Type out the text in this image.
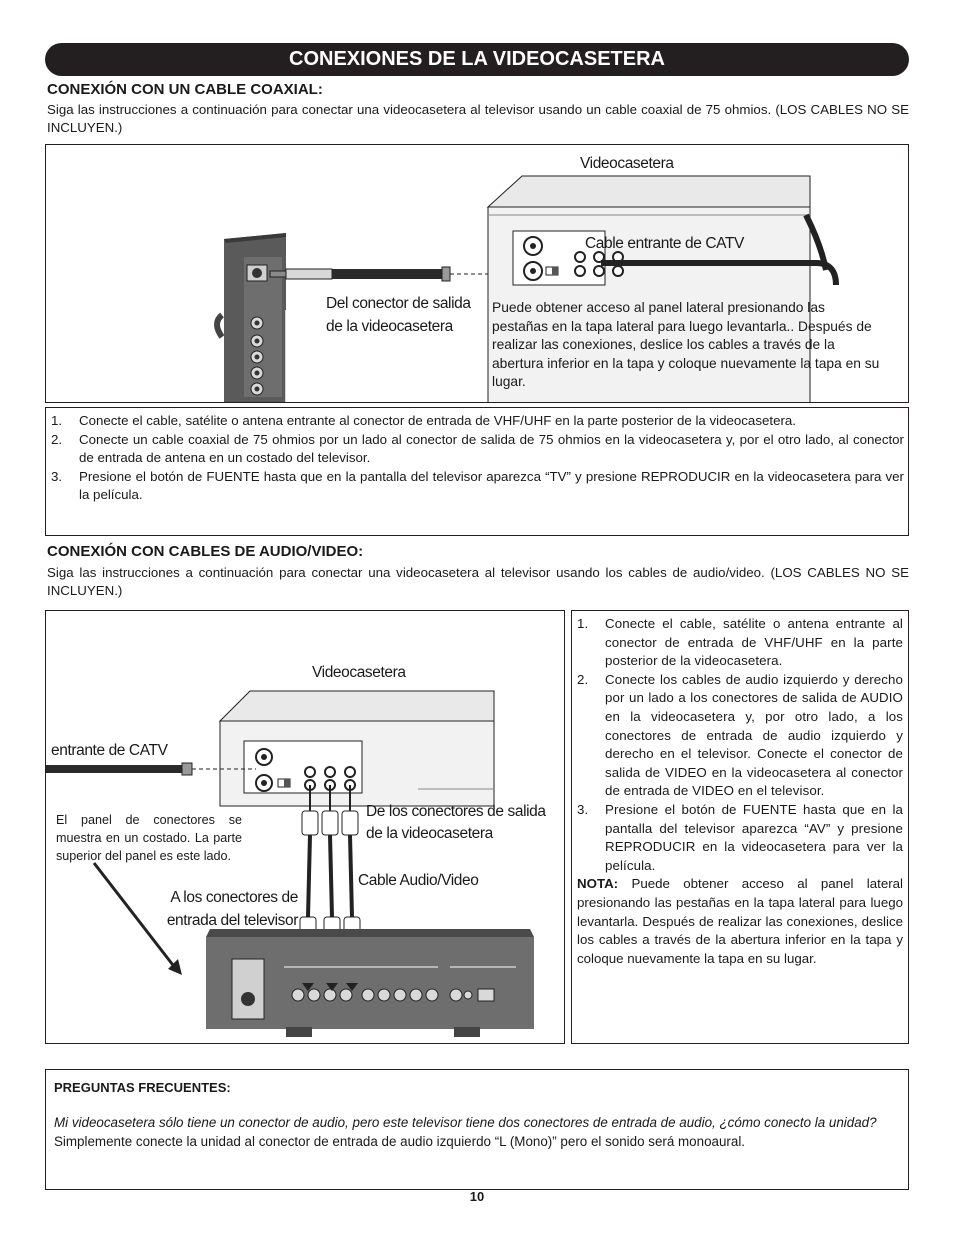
CONEXIONES DE LA VIDEOCASETERA
CONEXIÓN CON UN CABLE COAXIAL:
Siga las instrucciones a continuación para conectar una videocasetera al televisor usando un cable coaxial de 75 ohmios. (LOS CABLES NO SE INCLUYEN.)
Videocasetera
Cable entrante de CATV
Del conector de salida
de la videocasetera
Puede obtener acceso al panel lateral presionando las pestañas en la tapa lateral para luego levantarla.. Después de realizar las conexiones, deslice los cables a través de la abertura inferior en la tapa y coloque nuevamente la tapa en su lugar.
1. Conecte el cable, satélite o antena entrante al conector de entrada de VHF/UHF en la parte posterior de la videocasetera.
2. Conecte un cable coaxial de 75 ohmios por un lado al conector de salida de 75 ohmios en la videocasetera y, por el otro lado, al conector de entrada de antena en un costado del televisor.
3. Presione el botón de FUENTE hasta que en la pantalla del televisor aparezca “TV” y presione REPRODUCIR en la videocasetera para ver la película.
CONEXIÓN CON CABLES DE AUDIO/VIDEO:
Siga las instrucciones a continuación para conectar una videocasetera al televisor usando los cables de audio/video. (LOS CABLES NO SE INCLUYEN.)
Videocasetera
entrante de CATV
El panel de conectores se muestra en un costado. La parte superior del panel es este lado.
De los conectores de salida
de la videocasetera
Cable Audio/Video
A los conectores de
entrada del televisor
1. Conecte el cable, satélite o antena entrante al conector de entrada de VHF/UHF en la parte posterior de la videocasetera.
2. Conecte los cables de audio izquierdo y derecho por un lado a los conectores de salida de AUDIO en la videocasetera y, por otro lado, a los conectores de entrada de audio izquierdo y derecho en el televisor. Conecte el conector de salida de VIDEO en la videocasetera al conector de entrada de VIDEO en el televisor.
3. Presione el botón de FUENTE hasta que en la pantalla del televisor aparezca “AV” y presione REPRODUCIR en la videocasetera para ver la película.
NOTA: Puede obtener acceso al panel lateral presionando las pestañas en la tapa lateral para luego levantarla. Después de realizar las conexiones, deslice los cables a través de la abertura inferior en la tapa y coloque nuevamente la tapa en su lugar.
PREGUNTAS FRECUENTES:
Mi videocasetera sólo tiene un conector de audio, pero este televisor tiene dos conectores de entrada de audio, ¿cómo conecto la unidad?
Simplemente conecte la unidad al conector de entrada de audio izquierdo “L (Mono)” pero el sonido será monoaural.
10
